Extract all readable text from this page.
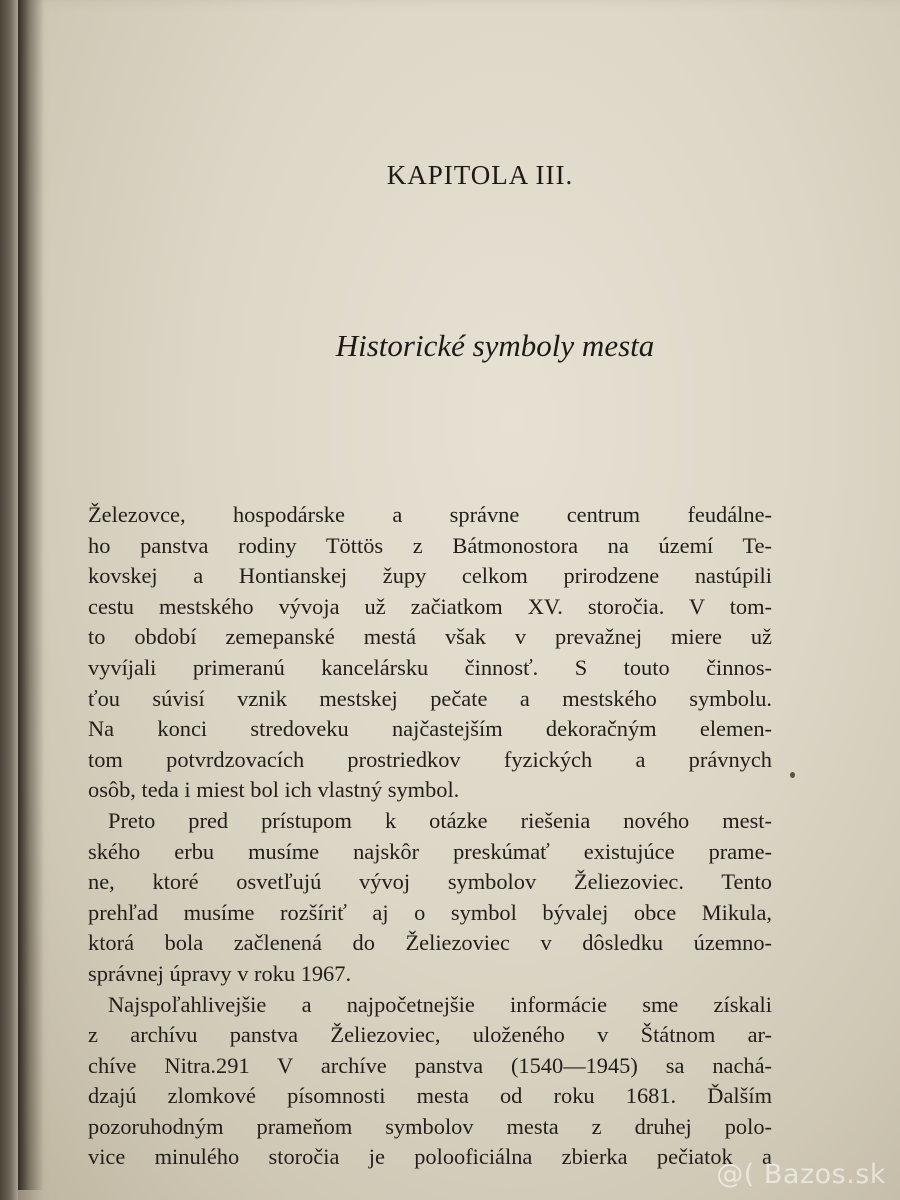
KAPITOLA III.
Historické symboly mesta
Železovce, hospodárske a správne centrum feudálne-
ho panstva rodiny Töttös z Bátmonostora na území Te-
kovskej a Hontianskej župy celkom prirodzene nastúpili
cestu mestského vývoja už začiatkom XV. storočia. V tom-
to období zemepanské mestá však v prevažnej miere už
vyvíjali primeranú kancelársku činnosť. S touto činnos-
ťou súvisí vznik mestskej pečate a mestského symbolu.
Na konci stredoveku najčastejším dekoračným elemen-
tom potvrdzovacích prostriedkov fyzických a právnych
osôb, teda i miest bol ich vlastný symbol.
Preto pred prístupom k otázke riešenia nového mest-
ského erbu musíme najskôr preskúmať existujúce prame-
ne, ktoré osvetľujú vývoj symbolov Želiezoviec. Tento
prehľad musíme rozšíriť aj o symbol bývalej obce Mikula,
ktorá bola začlenená do Želiezoviec v dôsledku územno-
správnej úpravy v roku 1967.
Najspoľahlivejšie a najpočetnejšie informácie sme získali
z archívu panstva Želiezoviec, uloženého v Štátnom ar-
chíve Nitra.291 V archíve panstva (1540—1945) sa nachá-
dzajú zlomkové písomnosti mesta od roku 1681. Ďalším
pozoruhodným prameňom symbolov mesta z druhej polo-
vice minulého storočia je polooficiálna zbierka pečiatok a
@( Bazos.sk
